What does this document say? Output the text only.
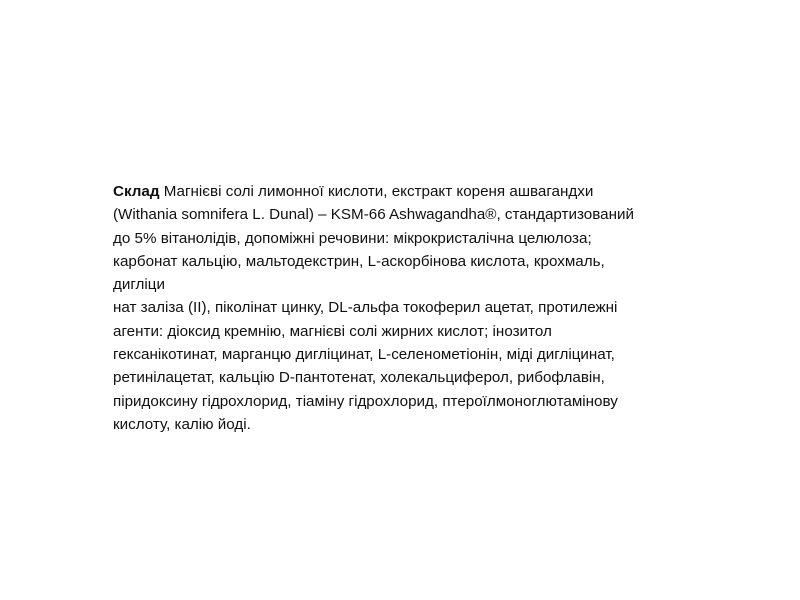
Склад Магнієві солі лимонної кислоти, екстракт кореня ашвагандхи
(Withania somnifera L. Dunal) – KSM-66 Ashwagandha®, стандартизований
до 5% вітанолідів, допоміжні речовини: мікрокристалічна целюлоза;
карбонат кальцію, мальтодекстрин, L-аскорбінова кислота, крохмаль,
дигліци
нат заліза (II), піколінат цинку, DL-альфа токоферил ацетат, протилежні
агенти: діоксид кремнію, магнієві солі жирних кислот; інозитол
гексанікотинат, марганцю дигліцинат, L-селенометіонін, міді дигліцинат,
ретинілацетат, кальцію D-пантотенат, холекальциферол, рибофлавін,
піридоксину гідрохлорид, тіаміну гідрохлорид, птероїлмоноглютамінову
кислоту, калію йоді.
